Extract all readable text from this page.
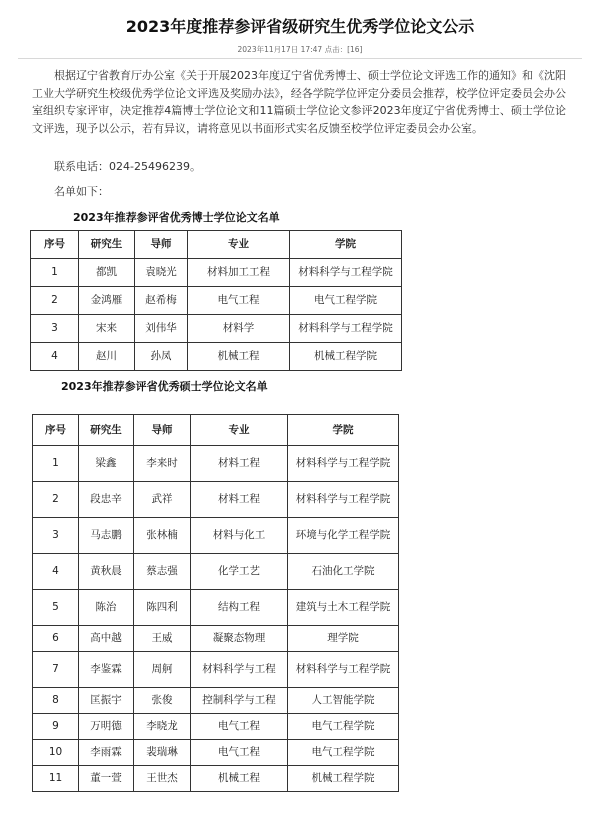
2023年度推荐参评省级研究生优秀学位论文公示
2023年11月17日 17:47 点击：[16]
根据辽宁省教育厅办公室《关于开展2023年度辽宁省优秀博士、硕士学位论文评选工作的通知》和《沈阳工业大学研究生校级优秀学位论文评选及奖励办法》，经各学院学位评定分委员会推荐，校学位评定委员会办公室组织专家评审，决定推荐4篇博士学位论文和11篇硕士学位论文参评2023年度辽宁省优秀博士、硕士学位论文评选，现予以公示，若有异议，请将意见以书面形式实名反馈至校学位评定委员会办公室。
联系电话：024-25496239。
名单如下：
2023年推荐参评省优秀博士学位论文名单
序号	研究生	导师	专业	学院
1	都凯	袁晓光	材料加工工程	材料科学与工程学院
2	金鸿雁	赵希梅	电气工程	电气工程学院
3	宋来	刘伟华	材料学	材料科学与工程学院
4	赵川	孙凤	机械工程	机械工程学院
2023年推荐参评省优秀硕士学位论文名单
序号	研究生	导师	专业	学院
1	梁鑫	李来时	材料工程	材料科学与工程学院
2	段忠辛	武祥	材料工程	材料科学与工程学院
3	马志鹏	张林楠	材料与化工	环境与化学工程学院
4	黄秋晨	蔡志强	化学工艺	石油化工学院
5	陈治	陈四利	结构工程	建筑与土木工程学院
6	高中越	王威	凝聚态物理	理学院
7	李鉴霖	周舸	材料科学与工程	材料科学与工程学院
8	匡振宇	张俊	控制科学与工程	人工智能学院
9	万明德	李晓龙	电气工程	电气工程学院
10	李雨霖	裴瑞琳	电气工程	电气工程学院
11	董一萱	王世杰	机械工程	机械工程学院
